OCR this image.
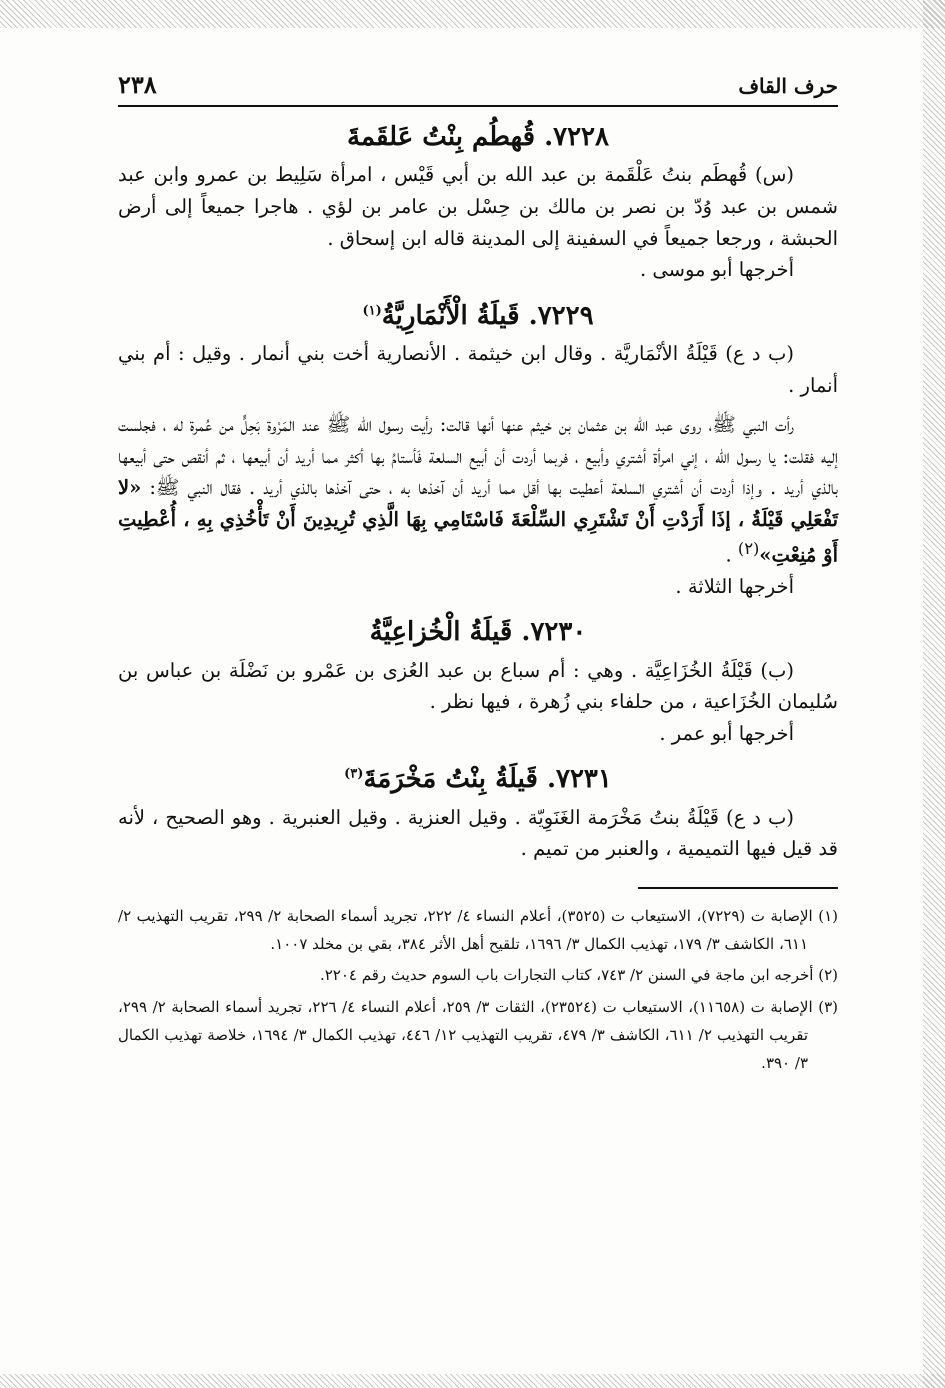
حرف القاف
٢٣٨
٧٢٢٨. قُهطُم بِنْتُ عَلقَمةَ

(س) قُهطَم بنتُ عَلْقَمة بن عبد الله بن أبي قَيْس ، امرأة سَلِيط بن عمرو وابن عبد شمس بن عبد وُدّ بن نصر بن مالك بن حِسْل بن عامر بن لؤي . هاجرا جميعاً إلى أرض الحبشة ، ورجعا جميعاً في السفينة إلى المدينة قاله ابن إسحاق .

أخرجها أبو موسى .

٧٢٢٩. قَيلَةُ الْأَنْمَارِيَّةُ$^{(١)}$

(ب د ع) قَيْلَةُ الأنْمَاريَّة . وقال ابن خيثمة . الأنصارية أخت بني أنمار . وقيل : أم بني أنمار .

رأت النبي ﷺ، روى عبد الله بن عثمان بن خيثم عنها أنها قالت: رأيت رسول الله ﷺ عند المَرْوة بَحِلٍّ من عُمرة له ، فجلست إليه فقلت: يا رسول الله ، إني امرأة أشتري وأبيع ، فربما أردت أن أبيع السلعة فَأستامُ بها أكثر مما أريد أن أبيعها ، ثم أنقص حتى أبيعها بالذي أريد . وإذا أردت أن أشتري السلعة أعطيت بها أقل مما أريد أن آخذها به ، حتى آخذها بالذي أريد . فقال النبي ﷺ: «لا تَفْعَلِي قَيْلَةُ ، إذَا أَرَدْتِ أَنْ تَشْتَرِي السِّلْعَةَ فَاسْتَامِي بِهَا الَّذِي تُرِيدِينَ أَنْ تَأْخُذِي بِهِ ، أُعْطِيتِ أَوْ مُنِعْتِ»$^{(٢)}$ .

أخرجها الثلاثة .

٧٢٣٠. قَيلَةُ الْخُزاعِيَّةُ

(ب) قَيْلَةُ الخُزَاعِيَّة . وهي : أم سباع بن عبد العُزى بن عَمْرو بن نَضْلَة بن عباس بن سُليمان الخُزَاعية ، من حلفاء بني زُهرة ، فيها نظر .

أخرجها أبو عمر .

٧٢٣١. قَيلَةُ بِنْتُ مَخْرَمَةَ$^{(٣)}$

(ب د ع) قَيْلَةُ بنتُ مَخْرَمة الغَنَوِيّة . وقيل العنزية . وقيل العنبرية . وهو الصحيح ، لأنه قد قيل فيها التميمية ، والعنبر من تميم .

(١) الإصابة ت (٧٢٢٩)، الاستيعاب ت (٣٥٢٥)، أعلام النساء ٤/ ٢٢٢، تجريد أسماء الصحابة ٢/ ٢٩٩، تقريب التهذيب ٢/ ٦١١، الكاشف ٣/ ١٧٩، تهذيب الكمال ٣/ ١٦٩٦، تلقيح أهل الأثر ٣٨٤، بقي بن مخلد ١٠٠٧.

(٢) أخرجه ابن ماجة في السنن ٢/ ٧٤٣، كتاب التجارات باب السوم حديث رقم ٢٢٠٤.

(٣) الإصابة ت (١١٦٥٨)، الاستيعاب ت (٢٣٥٢٤)، الثقات ٣/ ٢٥٩، أعلام النساء ٤/ ٢٢٦، تجريد أسماء الصحابة ٢/ ٢٩٩، تقريب التهذيب ٢/ ٦١١، الكاشف ٣/ ٤٧٩، تقريب التهذيب ١٢/ ٤٤٦، تهذيب الكمال ٣/ ١٦٩٤، خلاصة تهذيب الكمال ٣/ ٣٩٠.
